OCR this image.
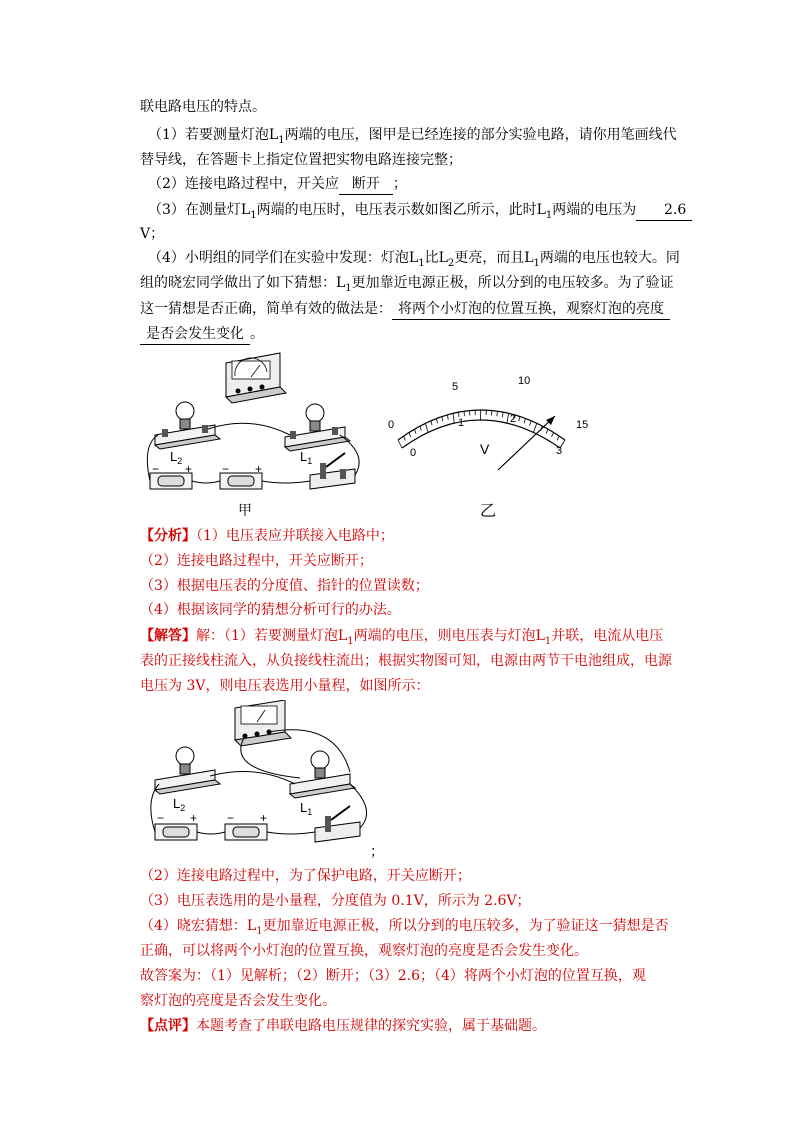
联电路电压的特点。
（1）若要测量灯泡$L_1$两端的电压，图甲是已经连接的部分实验电路，请你用笔画线代
替导线，在答题卡上指定位置把实物电路连接完整；
（2）连接电路过程中，开关应 断开 ；
（3）在测量灯$L_1$两端的电压时，电压表示数如图乙所示，此时$L_1$两端的电压为 2.6
V；
（4）小明组的同学们在实验中发现：灯泡$L_1$比$L_2$更亮，而且$L_1$两端的电压也较大。同
组的晓宏同学做出了如下猜想：$L_1$更加靠近电源正极，所以分到的电压较多。为了验证
这一猜想是否正确，简单有效的做法是： 将两个小灯泡的位置互换，观察灯泡的亮度
是否会发生变化 。
$L_2$	$L_1$
− + − +
甲
0
5	10
15
0
1	2
3
V
乙
【分析】（1）电压表应并联接入电路中；
（2）连接电路过程中，开关应断开；
（3）根据电压表的分度值、指针的位置读数；
（4）根据该同学的猜想分析可行的办法。
【解答】解：（1）若要测量灯泡$L_1$两端的电压，则电压表与灯泡$L_1$并联，电流从电压
表的正接线柱流入，从负接线柱流出；根据实物图可知，电源由两节干电池组成，电源
电压为 3V，则电压表选用小量程，如图所示：
$L_2$	$L_1$
− + − +
；
（2）连接电路过程中，为了保护电路，开关应断开；
（3）电压表选用的是小量程，分度值为 0.1V，所示为 2.6V；
（4）晓宏猜想：$L_1$更加靠近电源正极，所以分到的电压较多，为了验证这一猜想是否
正确，可以将两个小灯泡的位置互换，观察灯泡的亮度是否会发生变化。
故答案为：（1）见解析；（2）断开；（3）2.6；（4）将两个小灯泡的位置互换，观
察灯泡的亮度是否会发生变化。
【点评】本题考查了串联电路电压规律的探究实验，属于基础题。
